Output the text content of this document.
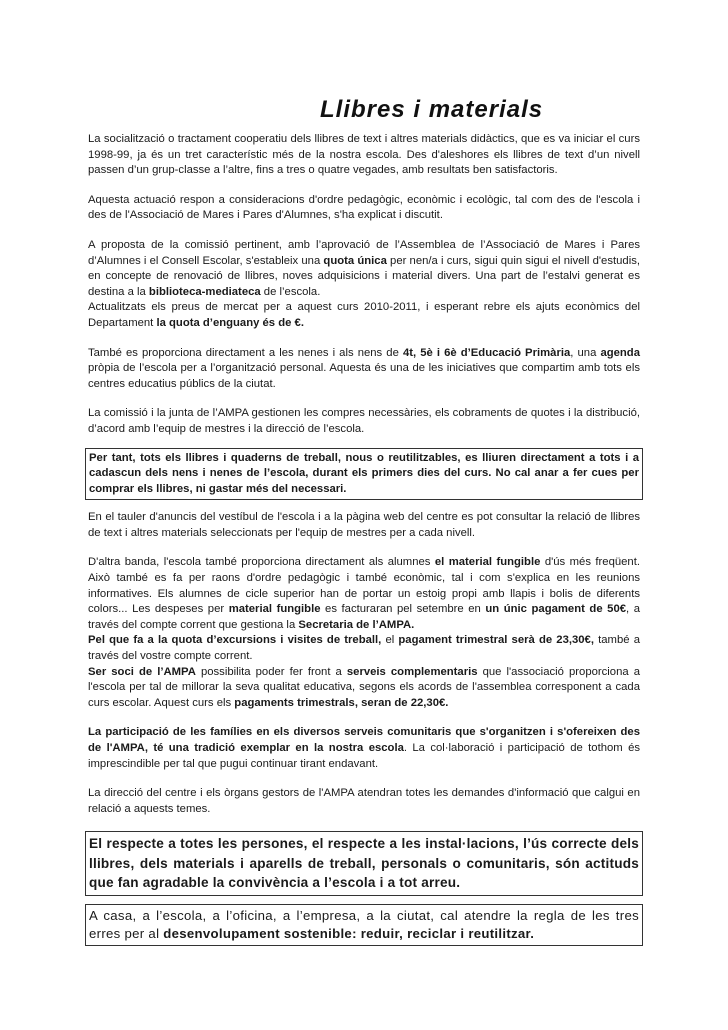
Llibres i materials

La socialització o tractament cooperatiu dels llibres de text i altres materials didàctics, que es va iniciar el curs 1998-99, ja és un tret característic més de la nostra escola. Des d'aleshores els llibres de text d’un nivell passen d’un grup-classe a l’altre, fins a tres o quatre vegades, amb resultats ben satisfactoris.

Aquesta actuació respon a consideracions d'ordre pedagògic, econòmic i ecològic, tal com des de l'escola i des de l'Associació de Mares i Pares d'Alumnes, s'ha explicat i discutit.

A proposta de la comissió pertinent, amb l’aprovació de l’Assemblea de l’Associació de Mares i Pares d’Alumnes i el Consell Escolar, s'estableix una quota única per nen/a i curs, sigui quin sigui el nivell d'estudis, en concepte de renovació de llibres, noves adquisicions i material divers. Una part de l’estalvi generat es destina a la biblioteca-mediateca de l’escola.

Actualitzats els preus de mercat per a aquest curs 2010-2011, i esperant rebre els ajuts econòmics del Departament la quota d’enguany és de €.

També es proporciona directament a les nenes i als nens de 4t, 5è i 6è d’Educació Primària, una agenda pròpia de l’escola per a l’organització personal. Aquesta és una de les iniciatives que compartim amb tots els centres educatius públics de la ciutat.

La comissió i la junta de l’AMPA gestionen les compres necessàries, els cobraments de quotes i la distribució, d’acord amb l’equip de mestres i la direcció de l’escola.

Per tant, tots els llibres i quaderns de treball, nous o reutilitzables, es lliuren directament a tots i a cadascun dels nens i nenes de l’escola, durant els primers dies del curs. No cal anar a fer cues per comprar els llibres, ni gastar més del necessari.

En el tauler d'anuncis del vestíbul de l'escola i a la pàgina web del centre es pot consultar la relació de llibres de text i altres materials seleccionats per l'equip de mestres per a cada nivell.

D'altra banda, l'escola també proporciona directament als alumnes el material fungible d'ús més freqüent. Això també es fa per raons d'ordre pedagògic i també econòmic, tal i com s'explica en les reunions informatives. Els alumnes de cicle superior han de portar un estoig propi amb llapis i bolis de diferents colors... Les despeses per material fungible es facturaran pel setembre en un únic pagament de 50€, a través del compte corrent que gestiona la Secretaria de l’AMPA.

Pel que fa a la quota d’excursions i visites de treball, el pagament trimestral serà de 23,30€, també a través del vostre compte corrent.

Ser soci de l’AMPA possibilita poder fer front a serveis complementaris que l'associació proporciona a l'escola per tal de millorar la seva qualitat educativa, segons els acords de l'assemblea corresponent a cada curs escolar. Aquest curs els pagaments trimestrals, seran de 22,30€.

La participació de les famílies en els diversos serveis comunitaris que s'organitzen i s'ofereixen des de l'AMPA, té una tradició exemplar en la nostra escola. La col·laboració i participació de tothom és imprescindible per tal que pugui continuar tirant endavant.

La direcció del centre i els òrgans gestors de l'AMPA atendran totes les demandes d'informació que calgui en relació a aquests temes.

El respecte a totes les persones, el respecte a les instal·lacions, l’ús correcte dels llibres, dels materials i aparells de treball, personals o comunitaris, són actituds que fan agradable la convivència a l’escola i a tot arreu.

A casa, a l’escola, a l’oficina, a l’empresa, a la ciutat, cal atendre la regla de les tres erres per al desenvolupament sostenible: reduir, reciclar i reutilitzar.
